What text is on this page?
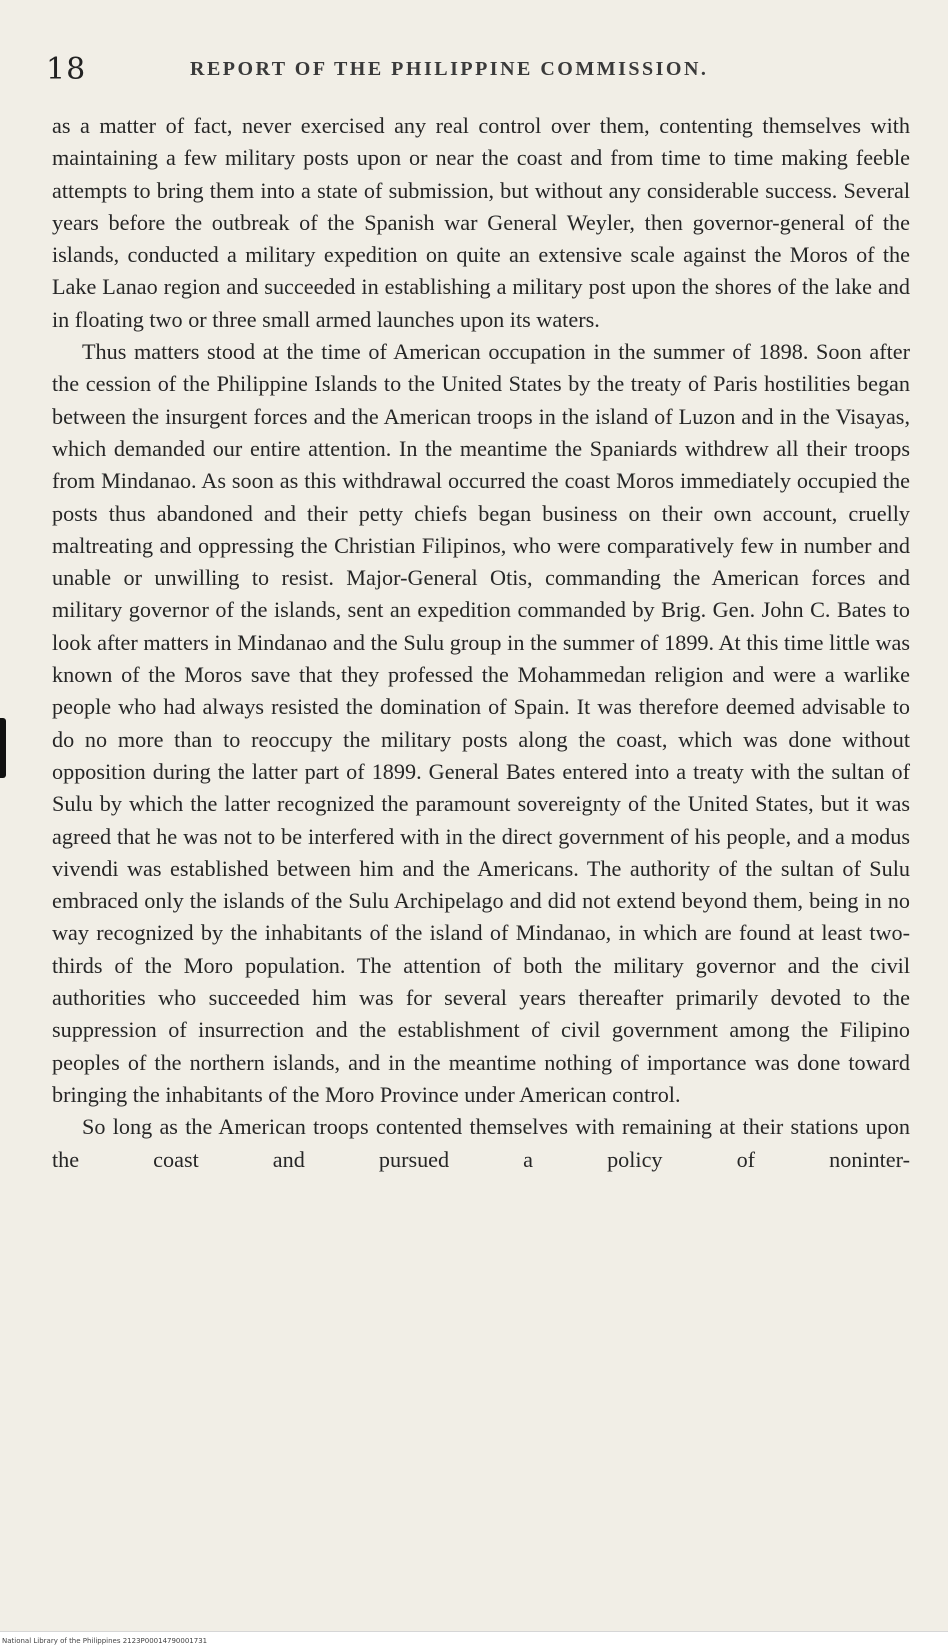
18	REPORT OF THE PHILIPPINE COMMISSION.

as a matter of fact, never exercised any real control over them, contenting themselves with maintaining a few military posts upon or near the coast and from time to time making feeble attempts to bring them into a state of submission, but without any considerable success. Several years before the outbreak of the Spanish war General Weyler, then governor-general of the islands, conducted a military expedition on quite an extensive scale against the Moros of the Lake Lanao region and succeeded in establishing a military post upon the shores of the lake and in floating two or three small armed launches upon its waters.

Thus matters stood at the time of American occupation in the summer of 1898. Soon after the cession of the Philippine Islands to the United States by the treaty of Paris hostilities began between the insurgent forces and the American troops in the island of Luzon and in the Visayas, which demanded our entire attention. In the meantime the Spaniards withdrew all their troops from Mindanao. As soon as this withdrawal occurred the coast Moros immediately occupied the posts thus abandoned and their petty chiefs began business on their own account, cruelly maltreating and oppressing the Christian Filipinos, who were comparatively few in number and unable or unwilling to resist. Major-General Otis, commanding the American forces and military governor of the islands, sent an expedition commanded by Brig. Gen. John C. Bates to look after matters in Mindanao and the Sulu group in the summer of 1899. At this time little was known of the Moros save that they professed the Mohammedan religion and were a warlike people who had always resisted the domination of Spain. It was therefore deemed advisable to do no more than to reoccupy the military posts along the coast, which was done without opposition during the latter part of 1899. General Bates entered into a treaty with the sultan of Sulu by which the latter recognized the paramount sovereignty of the United States, but it was agreed that he was not to be interfered with in the direct government of his people, and a modus vivendi was established between him and the Americans. The authority of the sultan of Sulu embraced only the islands of the Sulu Archipelago and did not extend beyond them, being in no way recognized by the inhabitants of the island of Mindanao, in which are found at least two-thirds of the Moro population. The attention of both the military governor and the civil authorities who succeeded him was for several years thereafter primarily devoted to the suppression of insurrection and the establishment of civil government among the Filipino peoples of the northern islands, and in the meantime nothing of importance was done toward bringing the inhabitants of the Moro Province under American control.

So long as the American troops contented themselves with remaining at their stations upon the coast and pursued a policy of noninter-

National Library of the Philippines 2123P00014790001731
